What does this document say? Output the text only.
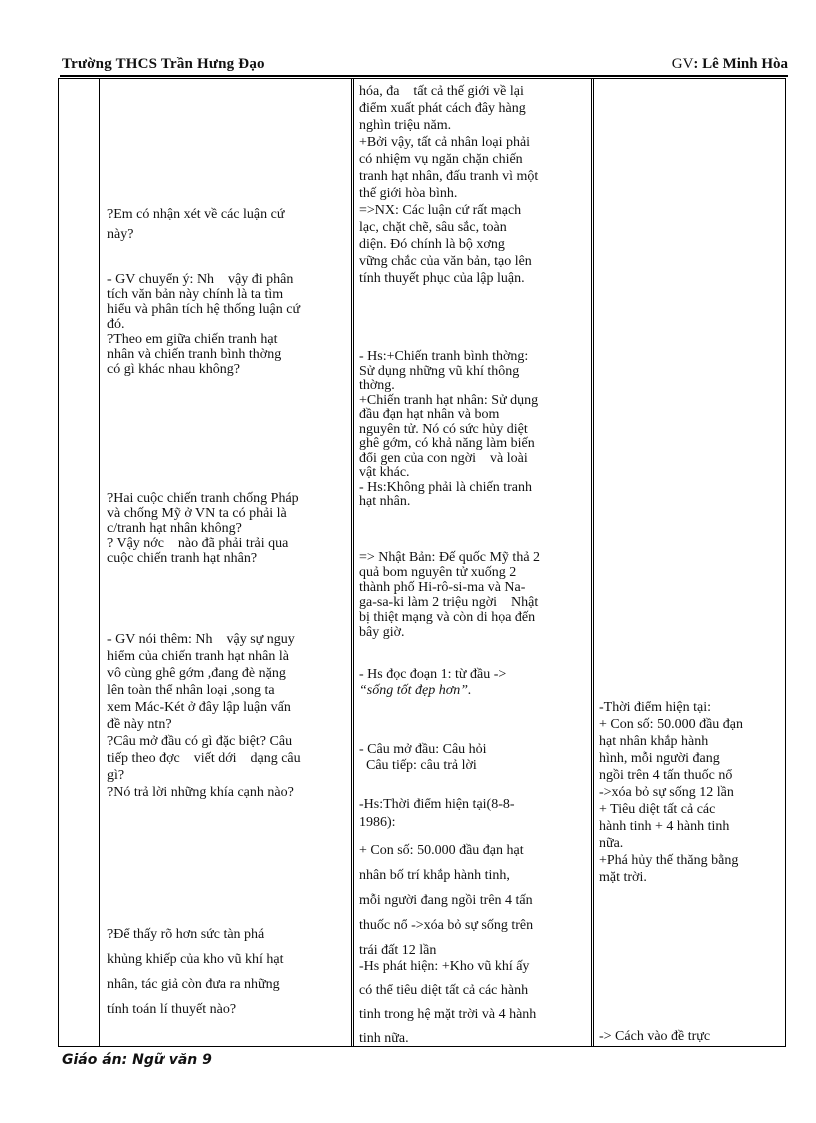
Trường THCS Trần Hưng Đạo	GV: Lê Minh Hòa
?Em có nhận xét về các luận cứ
này?
- GV chuyển ý: Nh    vậy đi phân
tích văn bản này chính là ta tìm
hiểu và phân tích hệ thống luận cứ
đó.
?Theo em giữa chiến tranh hạt
nhân và chiến tranh bình thờng
có gì khác nhau không?
?Hai cuộc chiến tranh chống Pháp
và chống Mỹ ở VN ta có phải là
c/tranh hạt nhân không?
? Vậy nớc    nào đã phải trải qua
cuộc chiến tranh hạt nhân?
- GV nói thêm: Nh    vậy sự nguy
hiểm của chiến tranh hạt nhân là
vô cùng ghê gớm ,đang đè nặng
lên toàn thể nhân loại ,song ta
xem Mác-Két ở đây lập luận vấn
đề này ntn?
?Câu mở đầu có gì đặc biệt? Câu
tiếp theo đợc    viết dới    dạng câu
gì?
?Nó trả lời những khía cạnh nào?
?Để thấy rõ hơn sức tàn phá
khủng khiếp của kho vũ khí hạt
nhân, tác giả còn đưa ra những
tính toán lí thuyết nào?
hóa, đa    tất cả thế giới về lại
điểm xuất phát cách đây hàng
nghìn triệu năm.
+Bởi vậy, tất cả nhân loại phải
có nhiệm vụ ngăn chặn chiến
tranh hạt nhân, đấu tranh vì một
thế giới hòa bình.
=>NX: Các luận cứ rất mạch
lạc, chặt chẽ, sâu sắc, toàn
diện. Đó chính là bộ xơng
vững chắc của văn bản, tạo lên
tính thuyết phục của lập luận.
- Hs:+Chiến tranh bình thờng:
Sử dụng những vũ khí thông
thờng.
+Chiến tranh hạt nhân: Sử dụng
đầu đạn hạt nhân và bom
nguyên tử. Nó có sức hủy diệt
ghê gớm, có khả năng làm biến
đổi gen của con ngời    và loài
vật khác.
- Hs:Không phải là chiến tranh
hạt nhân.
=> Nhật Bản: Đế quốc Mỹ thả 2
quả bom nguyên tử xuống 2
thành phố Hi-rô-si-ma và Na-
ga-sa-ki làm 2 triệu ngời    Nhật
bị thiệt mạng và còn di họa đến
bây giờ.
- Hs đọc đoạn 1: từ đầu ->
“sống tốt đẹp hơn”.
- Câu mở đầu: Câu hỏi
Câu tiếp: câu trả lời
-Hs:Thời điểm hiện tại(8-8-
1986):
+ Con số: 50.000 đầu đạn hạt
nhân bố trí khắp hành tinh,
mỗi người đang ngồi trên 4 tấn
thuốc nổ ->xóa bỏ sự sống trên
trái đất 12 lần
-Hs phát hiện: +Kho vũ khí ấy
có thể tiêu diệt tất cả các hành
tinh trong hệ mặt trời và 4 hành
tinh nữa.
-Thời điểm hiện tại:
+ Con số: 50.000 đầu đạn
hạt nhân khắp hành
hình, mỗi người đang
ngồi trên 4 tấn thuốc nổ
->xóa bỏ sự sống 12 lần
+ Tiêu diệt tất cả các
hành tinh + 4 hành tinh
nữa.
+Phá hủy thế thăng bằng
mặt trời.
-> Cách vào đề trực
Giáo án: Ngữ văn 9
